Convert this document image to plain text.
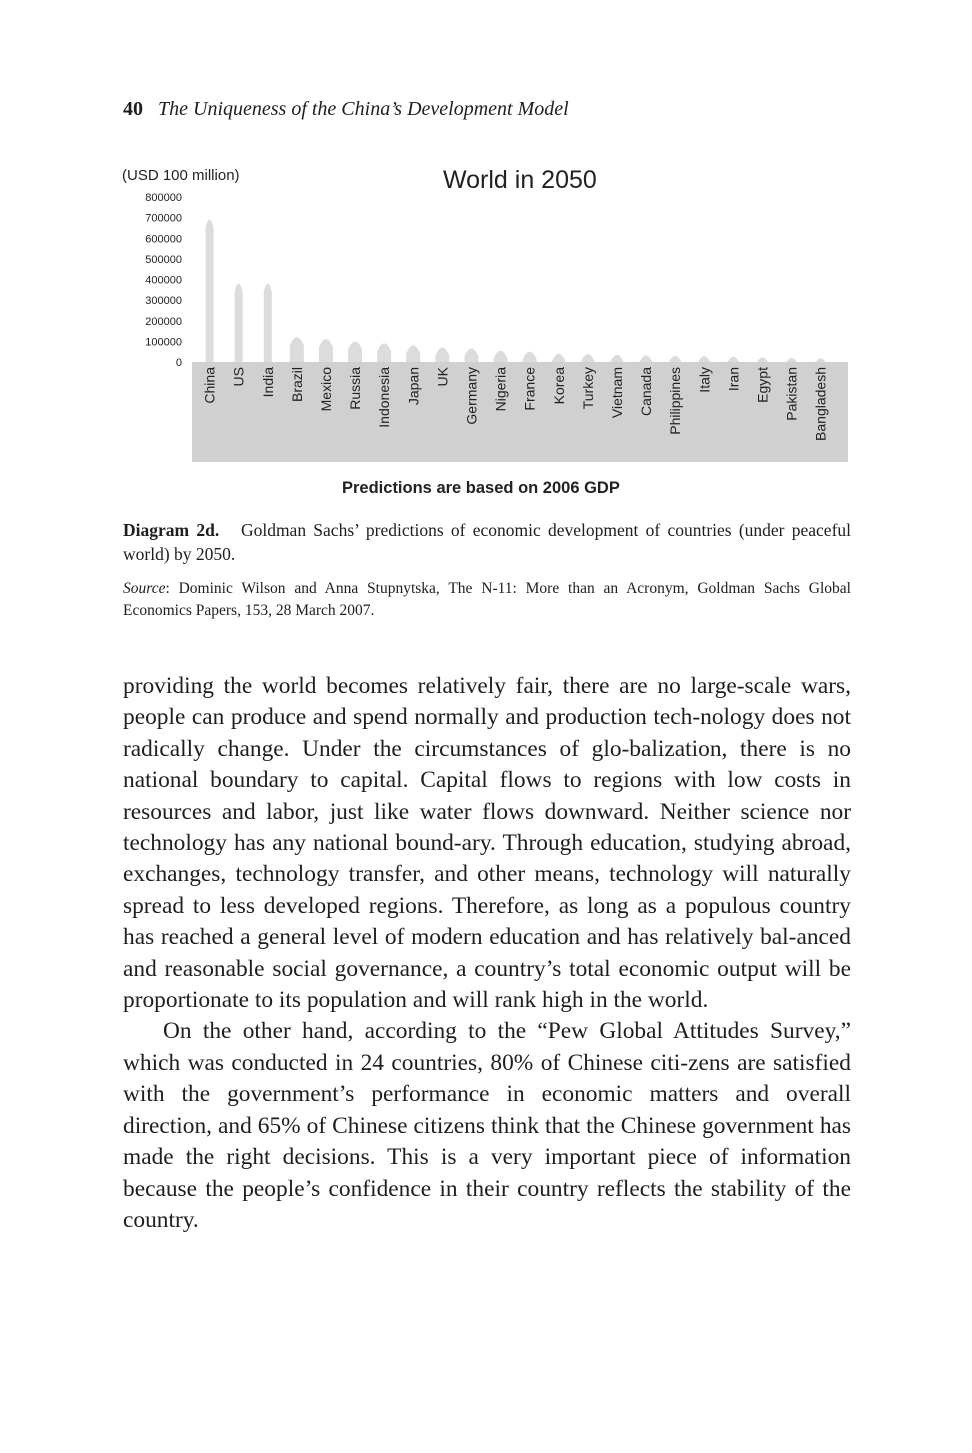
40 The Uniqueness of the China’s Development Model
800000
700000
600000
500000
400000
300000
200000
100000
0
China US India Brazil Mexico Russia Indonesia Japan UK Germany Nigeria France Korea Turkey Vietnam Canada Philippines Italy Iran Egypt Pakistan Bangladesh
(USD 100 million)	World in 2050
Predictions are based on 2006 GDP
Diagram 2d. Goldman Sachs’ predictions of economic development of countries (under peaceful world) by 2050.
Source: Dominic Wilson and Anna Stupnytska, The N-11: More than an Acronym, Goldman Sachs Global Economics Papers, 153, 28 March 2007.

providing the world becomes relatively fair, there are no large-scale wars, people can produce and spend normally and production tech-nology does not radically change. Under the circumstances of glo-balization, there is no national boundary to capital. Capital flows to regions with low costs in resources and labor, just like water flows downward. Neither science nor technology has any national bound-ary. Through education, studying abroad, exchanges, technology transfer, and other means, technology will naturally spread to less developed regions. Therefore, as long as a populous country has reached a general level of modern education and has relatively bal-anced and reasonable social governance, a country’s total economic output will be proportionate to its population and will rank high in the world.

On the other hand, according to the “Pew Global Attitudes Survey,” which was conducted in 24 countries, 80% of Chinese citi-zens are satisfied with the government’s performance in economic matters and overall direction, and 65% of Chinese citizens think that the Chinese government has made the right decisions. This is a very important piece of information because the people’s confidence in their country reflects the stability of the country.
